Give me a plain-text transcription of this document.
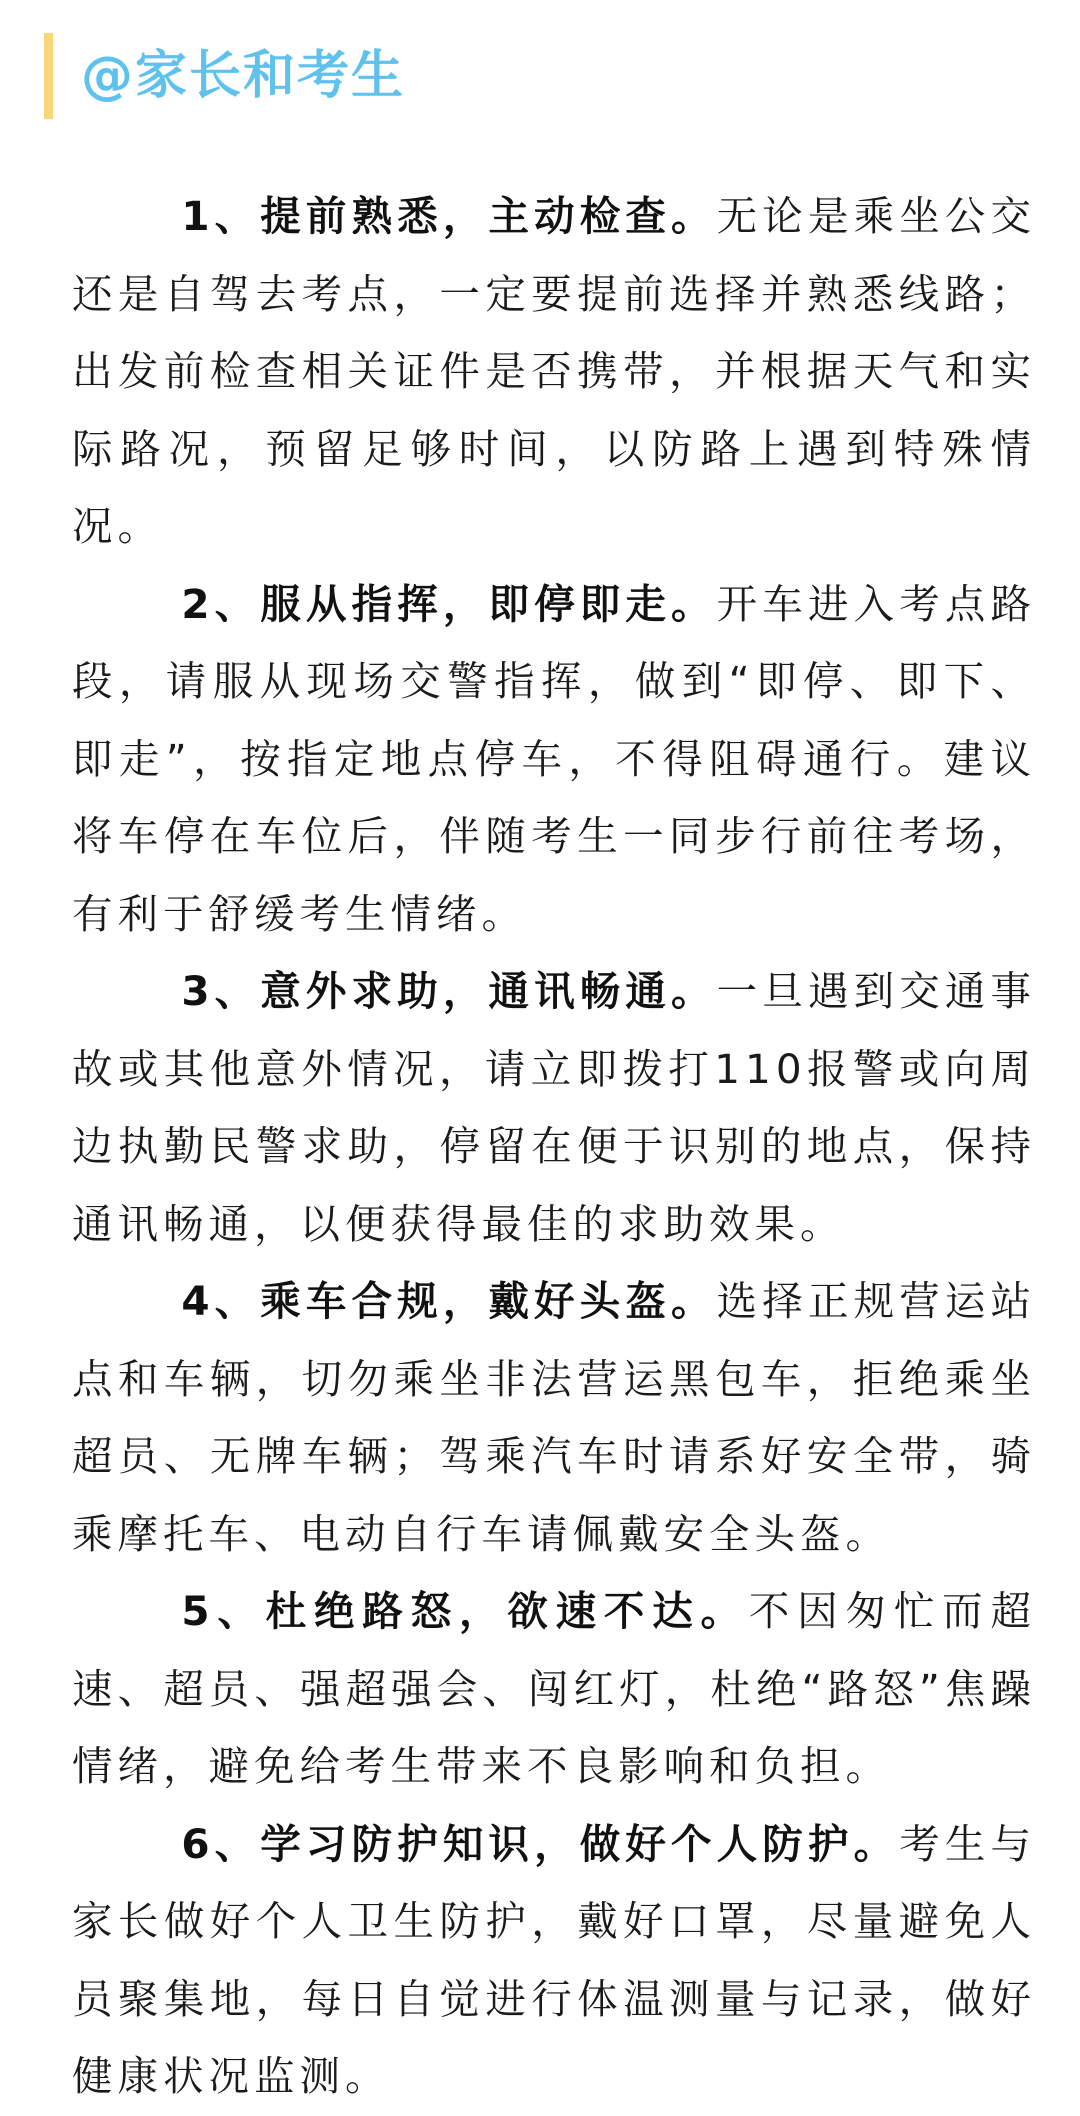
@家长和考生

1、提前熟悉，主动检查。无论是乘坐公交还是自驾去考点，一定要提前选择并熟悉线路；出发前检查相关证件是否携带，并根据天气和实际路况，预留足够时间，以防路上遇到特殊情况。

2、服从指挥，即停即走。开车进入考点路段，请服从现场交警指挥，做到“即停、即下、即走”，按指定地点停车，不得阻碍通行。建议将车停在车位后，伴随考生一同步行前往考场，有利于舒缓考生情绪。

3、意外求助，通讯畅通。一旦遇到交通事故或其他意外情况，请立即拨打110报警或向周边执勤民警求助，停留在便于识别的地点，保持通讯畅通，以便获得最佳的求助效果。

4、乘车合规，戴好头盔。选择正规营运站点和车辆，切勿乘坐非法营运黑包车，拒绝乘坐超员、无牌车辆；驾乘汽车时请系好安全带，骑乘摩托车、电动自行车请佩戴安全头盔。

5、杜绝路怒，欲速不达。不因匆忙而超速、超员、强超强会、闯红灯，杜绝“路怒”焦躁情绪，避免给考生带来不良影响和负担。

6、学习防护知识，做好个人防护。考生与家长做好个人卫生防护，戴好口罩，尽量避免人员聚集地，每日自觉进行体温测量与记录，做好健康状况监测。
